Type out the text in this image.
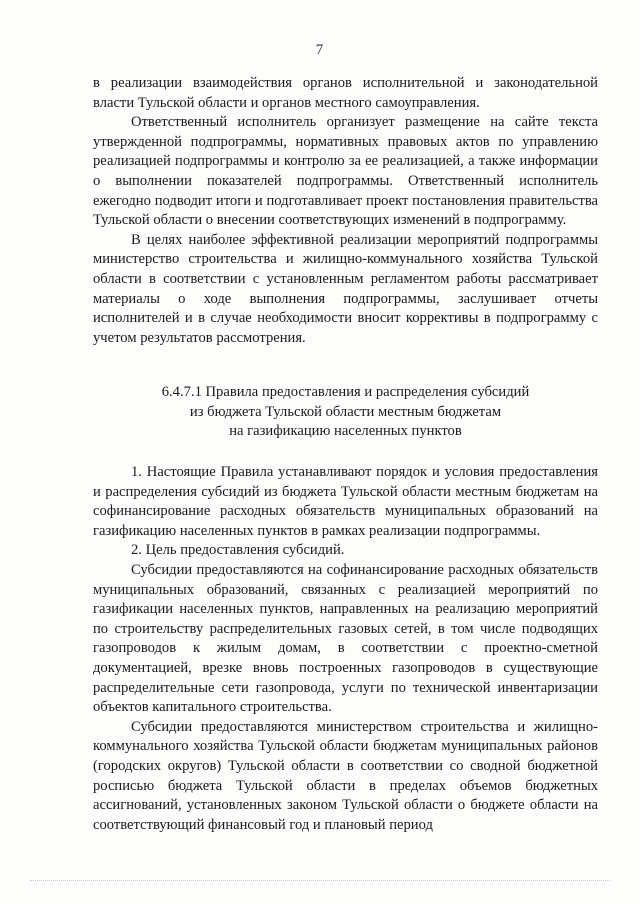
7

в реализации взаимодействия органов исполнительной и законодательной власти Тульской области и органов местного самоуправления.

Ответственный исполнитель организует размещение на сайте текста утвержденной подпрограммы, нормативных правовых актов по управлению реализацией подпрограммы и контролю за ее реализацией, а также информации о выполнении показателей подпрограммы. Ответственный исполнитель ежегодно подводит итоги и подготавливает проект постановления правительства Тульской области о внесении соответствующих изменений в подпрограмму.

В целях наиболее эффективной реализации мероприятий подпрограммы министерство строительства и жилищно-коммунального хозяйства Тульской области в соответствии с установленным регламентом работы рассматривает материалы о ходе выполнения подпрограммы, заслушивает отчеты исполнителей и в случае необходимости вносит коррективы в подпрограмму с учетом результатов рассмотрения.

6.4.7.1 Правила предоставления и распределения субсидий
из бюджета Тульской области местным бюджетам
на газификацию населенных пунктов

1. Настоящие Правила устанавливают порядок и условия предоставления и распределения субсидий из бюджета Тульской области местным бюджетам на софинансирование расходных обязательств муниципальных образований на газификацию населенных пунктов в рамках реализации подпрограммы.

2. Цель предоставления субсидий.

Субсидии предоставляются на софинансирование расходных обязательств муниципальных образований, связанных с реализацией мероприятий по газификации населенных пунктов, направленных на реализацию мероприятий по строительству распределительных газовых сетей, в том числе подводящих газопроводов к жилым домам, в соответствии с проектно-сметной документацией, врезке вновь построенных газопроводов в существующие распределительные сети газопровода, услуги по технической инвентаризации объектов капитального строительства.

Субсидии предоставляются министерством строительства и жилищно-коммунального хозяйства Тульской области бюджетам муниципальных районов (городских округов) Тульской области в соответствии со сводной бюджетной росписью бюджета Тульской области в пределах объемов бюджетных ассигнований, установленных законом Тульской области о бюджете области на соответствующий финансовый год и плановый период
